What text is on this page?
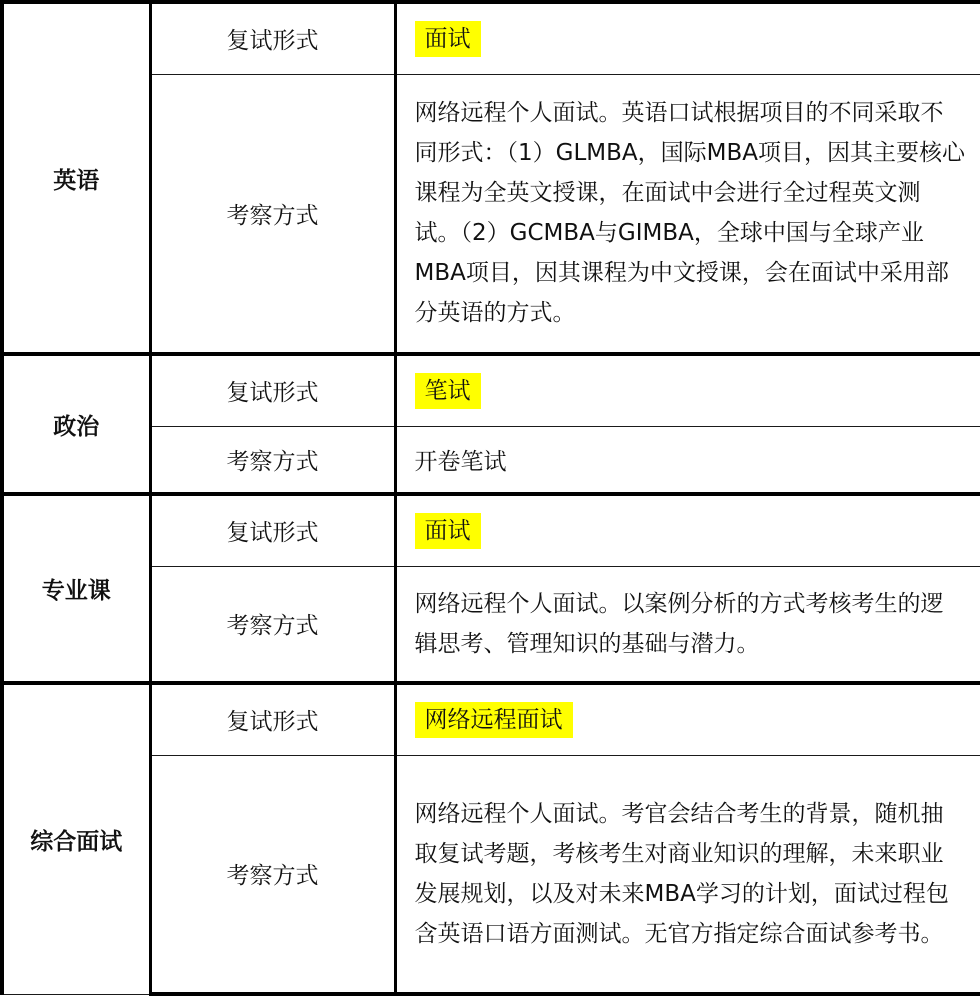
英语	复试形式	面试
	考察方式	网络远程个人面试。英语口试根据项目的不同采取不同形式：（1）GLMBA，国际MBA项目，因其主要核心课程为全英文授课，在面试中会进行全过程英文测试。（2）GCMBA与GIMBA，全球中国与全球产业MBA项目，因其课程为中文授课，会在面试中采用部分英语的方式。
政治	复试形式	笔试
	考察方式	开卷笔试
专业课	复试形式	面试
	考察方式	网络远程个人面试。以案例分析的方式考核考生的逻辑思考、管理知识的基础与潜力。
综合面试	复试形式	网络远程面试
	考察方式	网络远程个人面试。考官会结合考生的背景，随机抽取复试考题，考核考生对商业知识的理解，未来职业发展规划，以及对未来MBA学习的计划，面试过程包含英语口语方面测试。无官方指定综合面试参考书。
